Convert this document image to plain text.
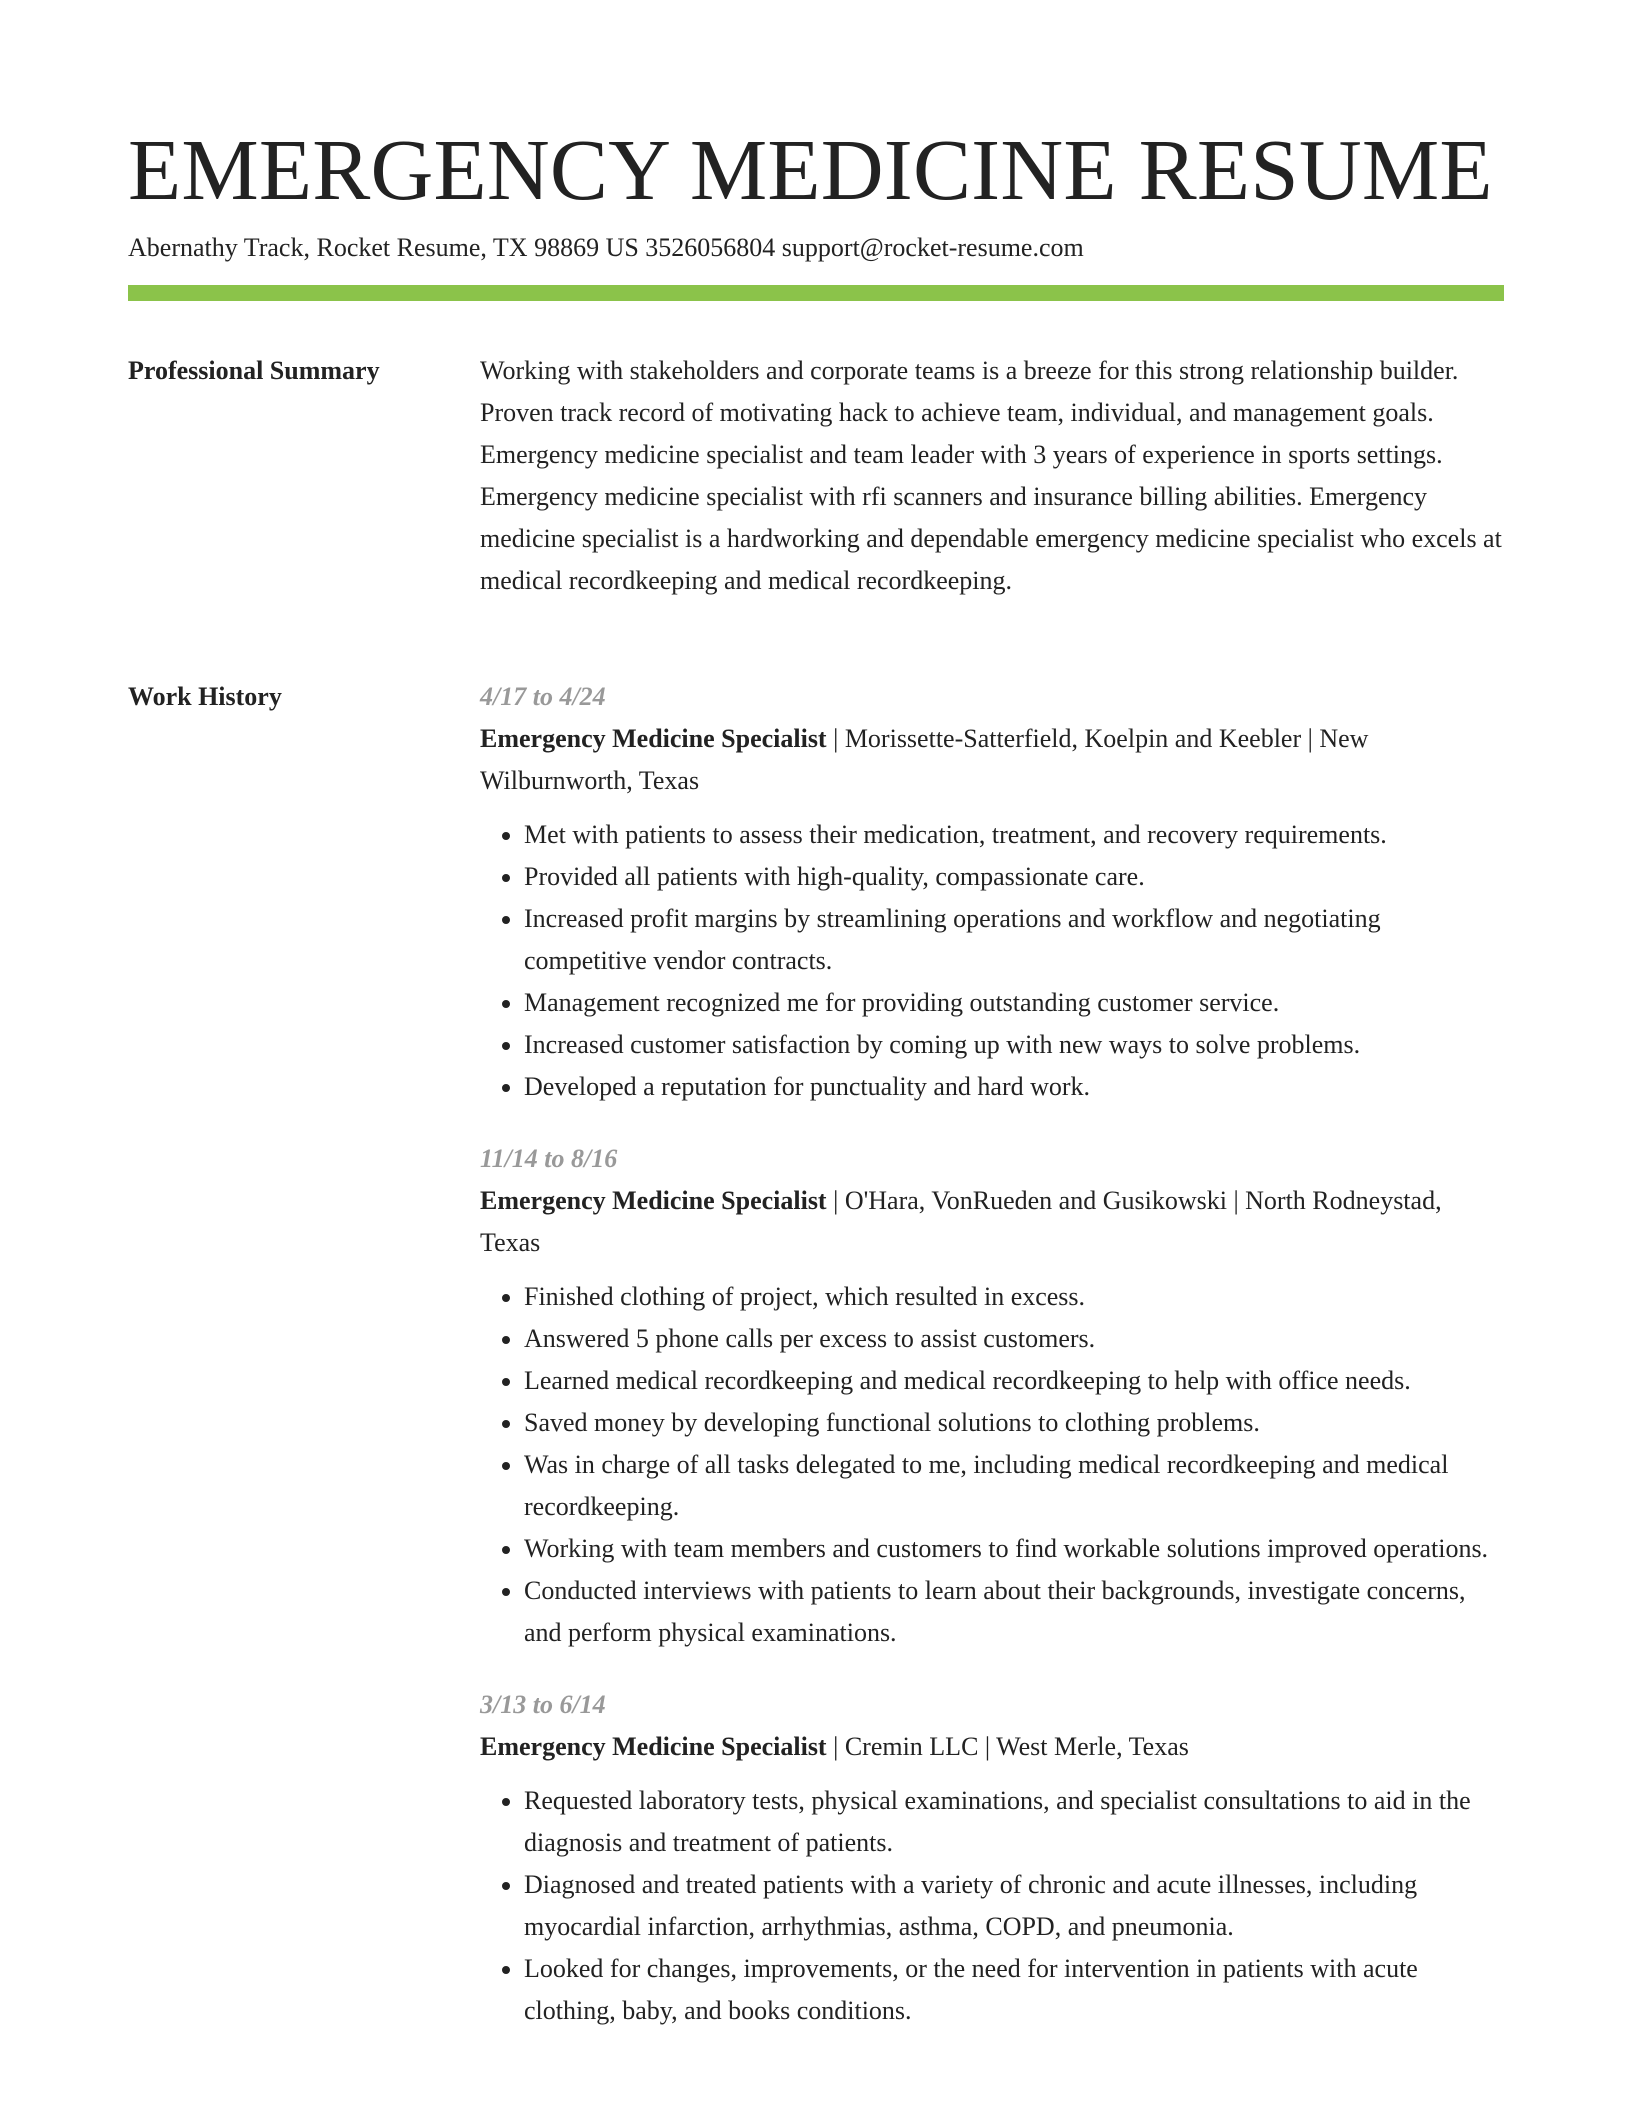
EMERGENCY MEDICINE RESUME
Abernathy Track, Rocket Resume, TX 98869 US 3526056804 support@rocket-resume.com
Professional Summary	Working with stakeholders and corporate teams is a breeze for this strong relationship builder. Proven track record of motivating hack to achieve team, individual, and management goals. Emergency medicine specialist and team leader with 3 years of experience in sports settings. Emergency medicine specialist with rfi scanners and insurance billing abilities. Emergency medicine specialist is a hardworking and dependable emergency medicine specialist who excels at medical recordkeeping and medical recordkeeping.

Work History	4/17 to 4/24
Emergency Medicine Specialist | Morissette-Satterfield, Koelpin and Keebler | New Wilburnworth, Texas
• Met with patients to assess their medication, treatment, and recovery requirements.
• Provided all patients with high-quality, compassionate care.
• Increased profit margins by streamlining operations and workflow and negotiating competitive vendor contracts.
• Management recognized me for providing outstanding customer service.
• Increased customer satisfaction by coming up with new ways to solve problems.
• Developed a reputation for punctuality and hard work.
11/14 to 8/16
Emergency Medicine Specialist | O'Hara, VonRueden and Gusikowski | North Rodneystad, Texas
• Finished clothing of project, which resulted in excess.
• Answered 5 phone calls per excess to assist customers.
• Learned medical recordkeeping and medical recordkeeping to help with office needs.
• Saved money by developing functional solutions to clothing problems.
• Was in charge of all tasks delegated to me, including medical recordkeeping and medical recordkeeping.
• Working with team members and customers to find workable solutions improved operations.
• Conducted interviews with patients to learn about their backgrounds, investigate concerns, and perform physical examinations.
3/13 to 6/14
Emergency Medicine Specialist | Cremin LLC | West Merle, Texas
• Requested laboratory tests, physical examinations, and specialist consultations to aid in the diagnosis and treatment of patients.
• Diagnosed and treated patients with a variety of chronic and acute illnesses, including myocardial infarction, arrhythmias, asthma, COPD, and pneumonia.
• Looked for changes, improvements, or the need for intervention in patients with acute clothing, baby, and books conditions.
